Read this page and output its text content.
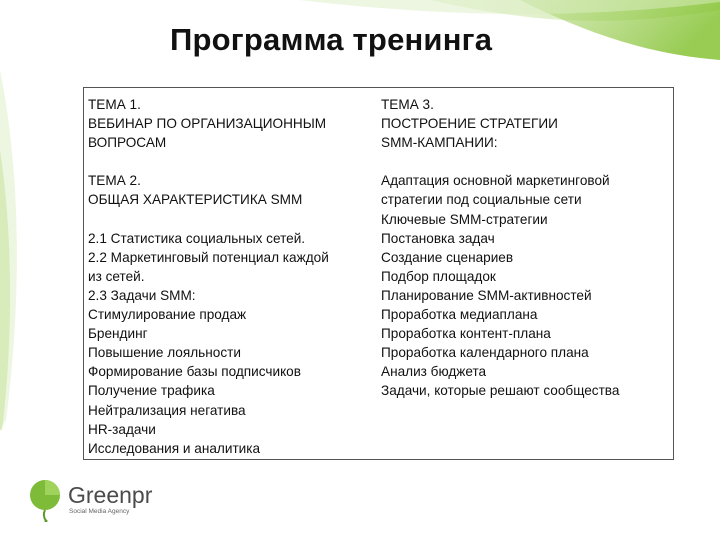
Программа тренинга
ТЕМА 1.
ВЕБИНАР ПО ОРГАНИЗАЦИОННЫМ
ВОПРОСАМ
ТЕМА 2.
ОБЩАЯ ХАРАКТЕРИСТИКА SMM
2.1 Статистика социальных сетей.
2.2 Маркетинговый потенциал каждой
из сетей.
2.3 Задачи SMM:
Стимулирование продаж
Брендинг
Повышение лояльности
Формирование базы подписчиков
Получение трафика
Нейтрализация негатива
HR-задачи
Исследования и аналитика
ТЕМА 3.
ПОСТРОЕНИЕ СТРАТЕГИИ
SMM-КАМПАНИИ:
Адаптация основной маркетинговой
стратегии под социальные сети
Ключевые SMM-стратегии
Постановка задач
Создание сценариев
Подбор площадок
Планирование SMM-активностей
Проработка медиаплана
Проработка контент-плана
Проработка календарного плана
Анализ бюджета
Задачи, которые решают сообщества
Greenpr
Social Media Agency
